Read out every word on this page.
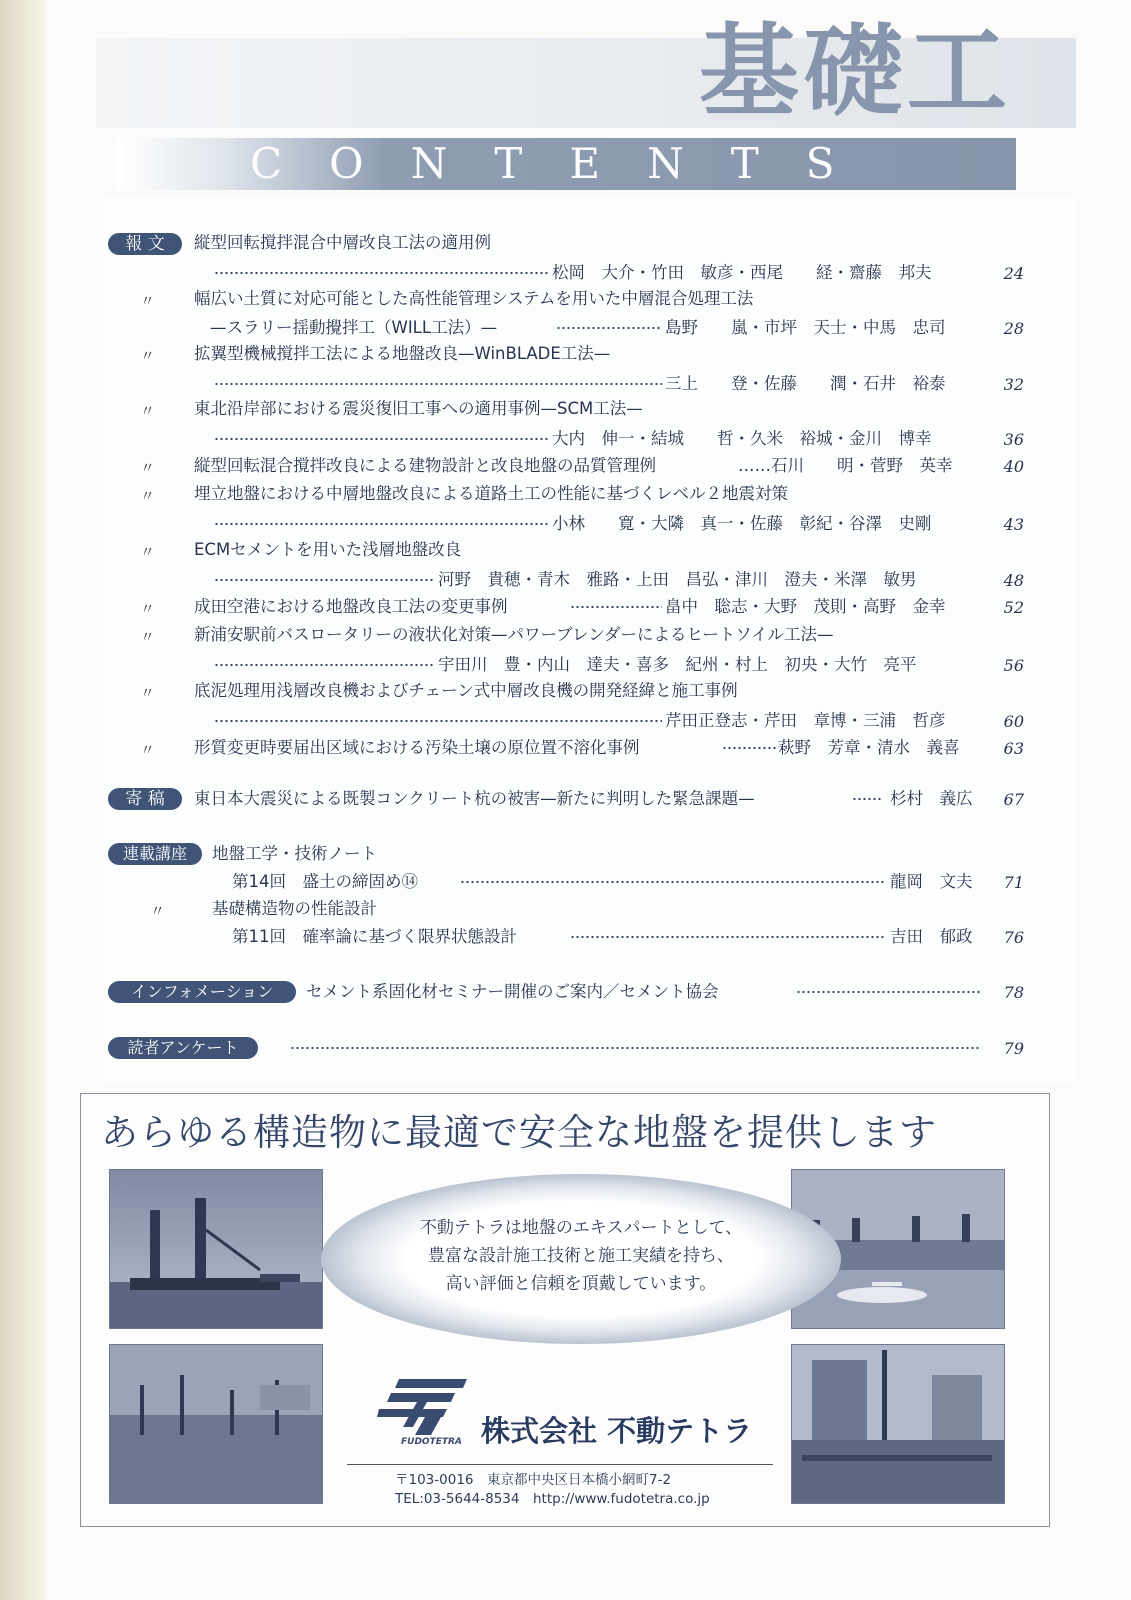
基礎工
CONTENTS
報 文	縦型回転撹拌混合中層改良工法の適用例
松岡　大介・竹田　敏彦・西尾　　経・齋藤　邦夫	24
〃 幅広い土質に対応可能とした高性能管理システムを用いた中層混合処理工法
—スラリー揺動攪拌工（WILL工法）—	島野　　嵐・市坪　天士・中馬　忠司	28
〃 拡翼型機械撹拌工法による地盤改良—WinBLADE工法—
三上　　登・佐藤　　潤・石井　裕泰	32
〃 東北沿岸部における震災復旧工事への適用事例—SCM工法—
大内　伸一・結城　　哲・久米　裕城・金川　博幸	36
〃 縦型回転混合撹拌改良による建物設計と改良地盤の品質管理例	……石川　　明・菅野　英幸	40
〃 埋立地盤における中層地盤改良による道路土工の性能に基づくレベル２地震対策
小林　　寛・大隣　真一・佐藤　彰紀・谷澤　史剛	43
〃 ECMセメントを用いた浅層地盤改良
河野　貴穂・青木　雅路・上田　昌弘・津川　澄夫・米澤　敏男	48
〃 成田空港における地盤改良工法の変更事例	畠中　聡志・大野　茂則・高野　金幸	52
〃 新浦安駅前バスロータリーの液状化対策—パワーブレンダーによるヒートソイル工法—
宇田川　豊・内山　達夫・喜多　紀州・村上　初央・大竹　亮平	56
〃 底泥処理用浅層改良機およびチェーン式中層改良機の開発経緯と施工事例
芹田正登志・芹田　章博・三浦　哲彦	60
〃 形質変更時要届出区域における汚染土壌の原位置不溶化事例	萩野　芳章・清水　義喜	63
寄 稿	東日本大震災による既製コンクリート杭の被害—新たに判明した緊急課題—	杉村　義広	67
連載講座	地盤工学・技術ノート
第14回　盛土の締固め⑭	龍岡　文夫	71
〃	基礎構造物の性能設計
第11回　確率論に基づく限界状態設計	吉田　郁政	76
インフォメーション	セメント系固化材セミナー開催のご案内／セメント協会	78
読者アンケート	79
あらゆる構造物に最適で安全な地盤を提供します
不動テトラは地盤のエキスパートとして、
豊富な設計施工技術と施工実績を持ち、
高い評価と信頼を頂戴しています。
FUDOTETRA 株式会社 不動テトラ
〒103-0016　東京都中央区日本橋小網町7-2
TEL:03-5644-8534　http://www.fudotetra.co.jp
